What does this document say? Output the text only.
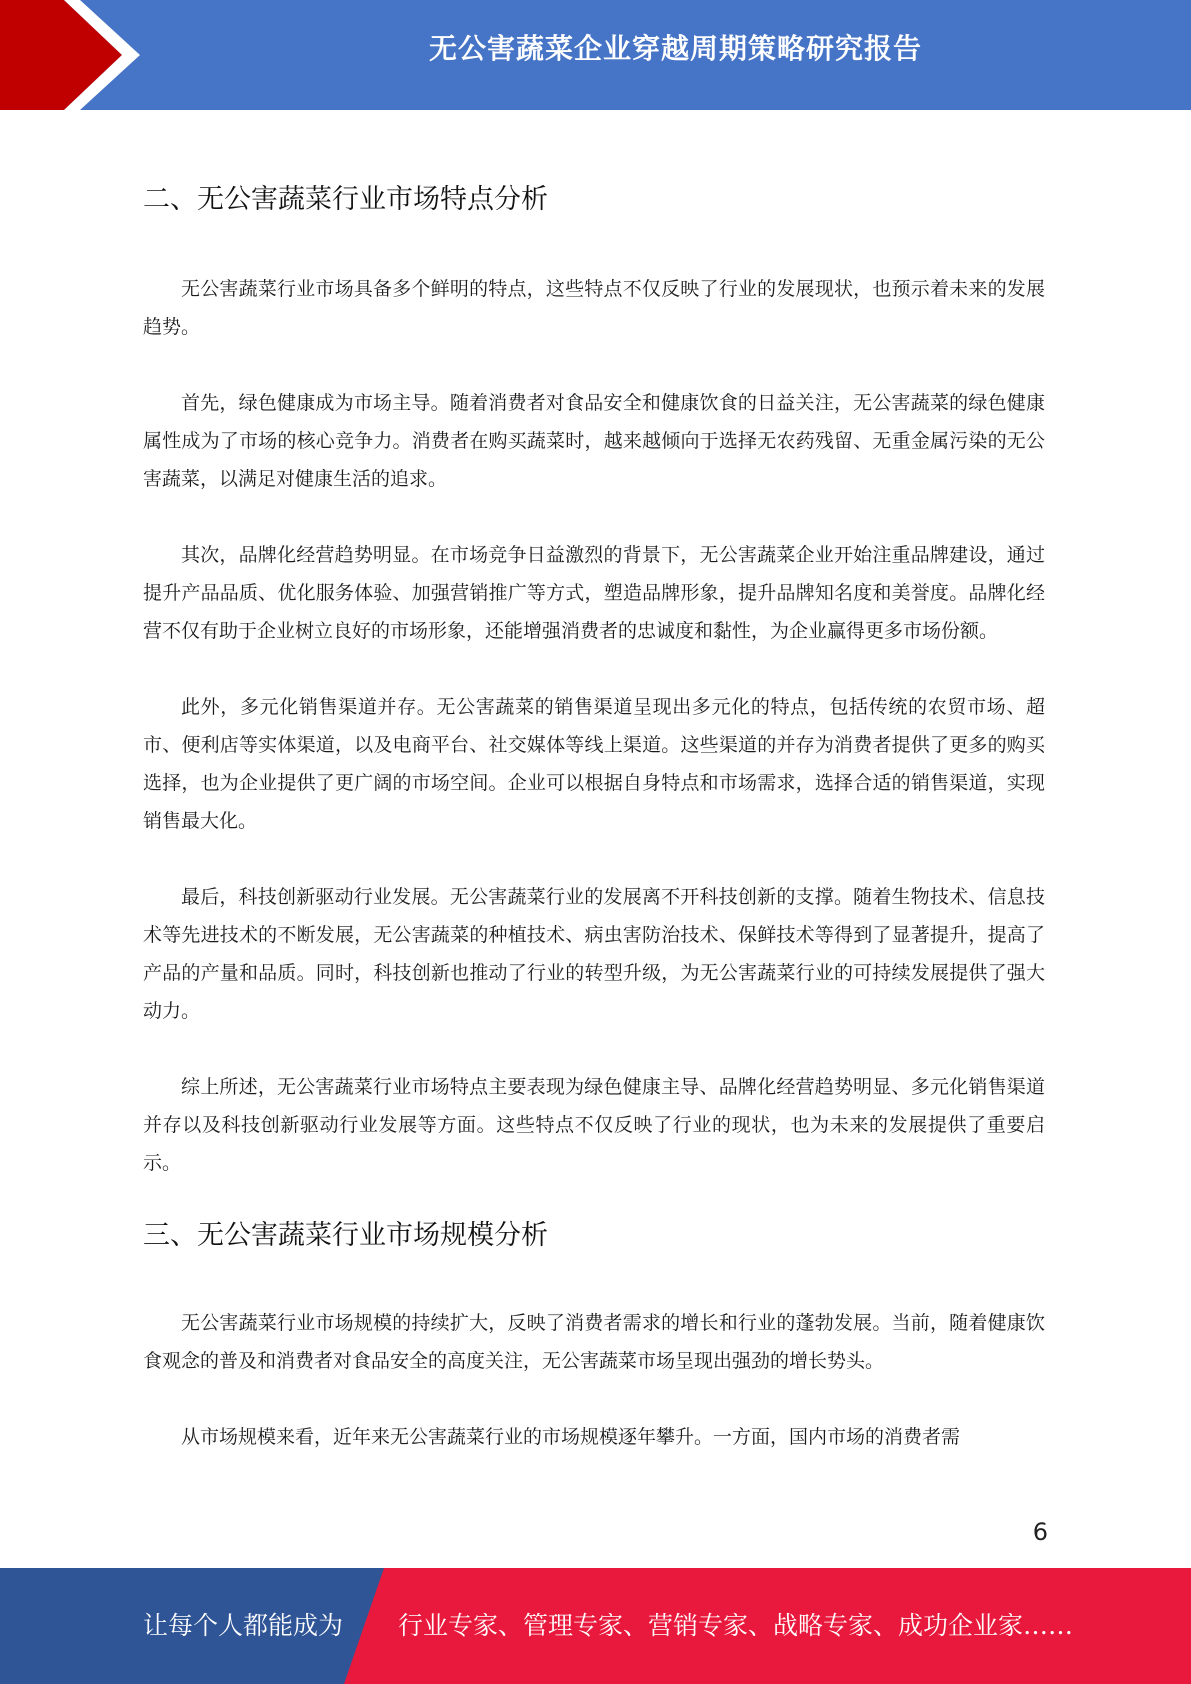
无公害蔬菜企业穿越周期策略研究报告
二、无公害蔬菜行业市场特点分析

无公害蔬菜行业市场具备多个鲜明的特点，这些特点不仅反映了行业的发展现状，也预示着未来的发展趋势。

首先，绿色健康成为市场主导。随着消费者对食品安全和健康饮食的日益关注，无公害蔬菜的绿色健康属性成为了市场的核心竞争力。消费者在购买蔬菜时，越来越倾向于选择无农药残留、无重金属污染的无公害蔬菜，以满足对健康生活的追求。

其次，品牌化经营趋势明显。在市场竞争日益激烈的背景下，无公害蔬菜企业开始注重品牌建设，通过提升产品品质、优化服务体验、加强营销推广等方式，塑造品牌形象，提升品牌知名度和美誉度。品牌化经营不仅有助于企业树立良好的市场形象，还能增强消费者的忠诚度和黏性，为企业赢得更多市场份额。

此外，多元化销售渠道并存。无公害蔬菜的销售渠道呈现出多元化的特点，包括传统的农贸市场、超市、便利店等实体渠道，以及电商平台、社交媒体等线上渠道。这些渠道的并存为消费者提供了更多的购买选择，也为企业提供了更广阔的市场空间。企业可以根据自身特点和市场需求，选择合适的销售渠道，实现销售最大化。

最后，科技创新驱动行业发展。无公害蔬菜行业的发展离不开科技创新的支撑。随着生物技术、信息技术等先进技术的不断发展，无公害蔬菜的种植技术、病虫害防治技术、保鲜技术等得到了显著提升，提高了产品的产量和品质。同时，科技创新也推动了行业的转型升级，为无公害蔬菜行业的可持续发展提供了强大动力。

综上所述，无公害蔬菜行业市场特点主要表现为绿色健康主导、品牌化经营趋势明显、多元化销售渠道并存以及科技创新驱动行业发展等方面。这些特点不仅反映了行业的现状，也为未来的发展提供了重要启示。

三、无公害蔬菜行业市场规模分析

无公害蔬菜行业市场规模的持续扩大，反映了消费者需求的增长和行业的蓬勃发展。当前，随着健康饮食观念的普及和消费者对食品安全的高度关注，无公害蔬菜市场呈现出强劲的增长势头。

从市场规模来看，近年来无公害蔬菜行业的市场规模逐年攀升。一方面，国内市场的消费者需

6
让每个人都能成为 行业专家、管理专家、营销专家、战略专家、成功企业家……
